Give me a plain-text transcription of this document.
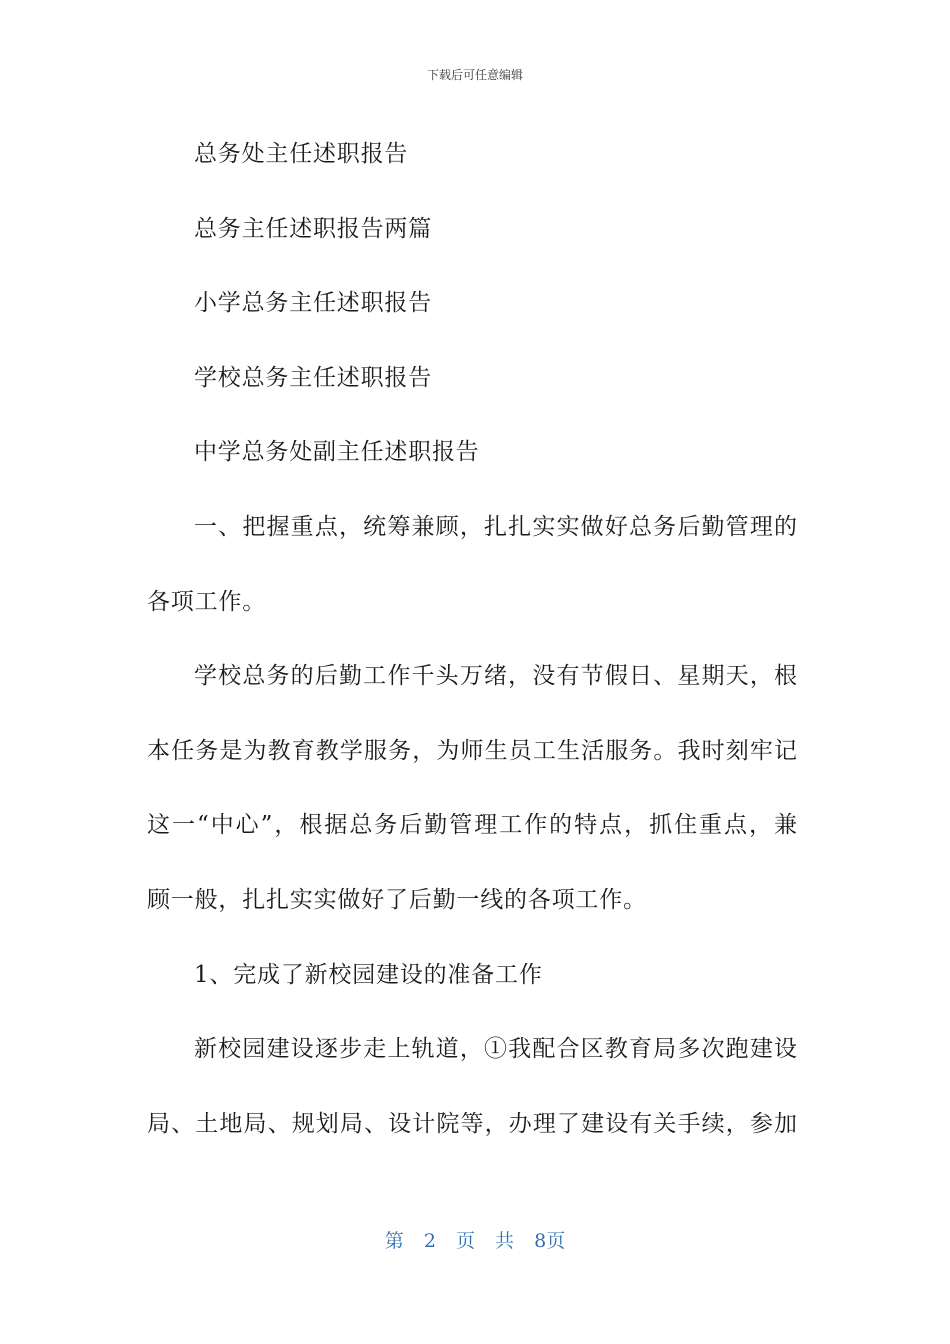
下载后可任意编辑
总务处主任述职报告
总务主任述职报告两篇
小学总务主任述职报告
学校总务主任述职报告
中学总务处副主任述职报告
一、把握重点，统筹兼顾，扎扎实实做好总务后勤管理的
各项工作。
学校总务的后勤工作千头万绪，没有节假日、星期天，根
本任务是为教育教学服务，为师生员工生活服务。我时刻牢记
这一“中心”，根据总务后勤管理工作的特点，抓住重点，兼
顾一般，扎扎实实做好了后勤一线的各项工作。
1、完成了新校园建设的准备工作
新校园建设逐步走上轨道，①我配合区教育局多次跑建设
局、土地局、规划局、设计院等，办理了建设有关手续，参加
第 2 页 共 8页
